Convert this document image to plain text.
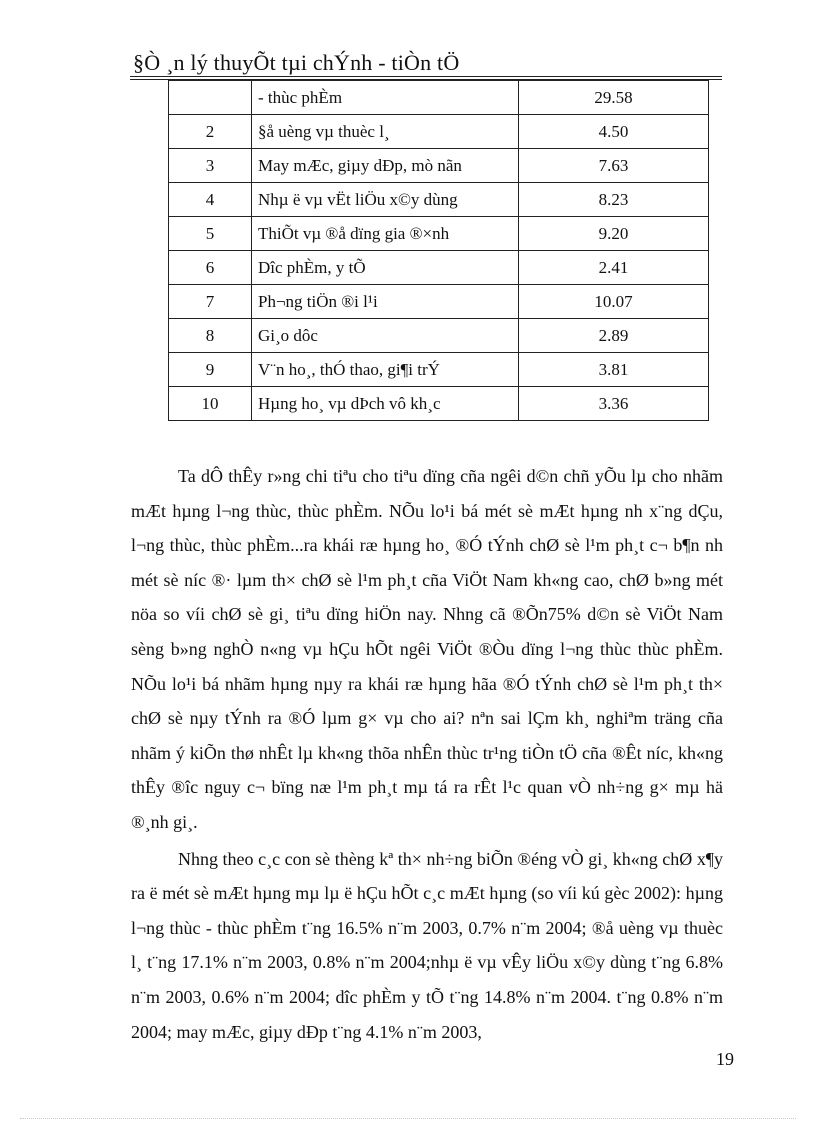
§Ò ¸n lý thuyÕt tµi chÝnh - tiÒn tÖ
	- thùc phÈm	29.58
2	§å uèng vµ thuèc l¸	4.50
3	May mÆc, giµy dÐp, mò nãn	7.63
4	Nhµ ë vµ vËt liÖu x©y dùng	8.23
5	ThiÕt vµ ®å dïng gia ®×nh	9.20
6	Dîc phÈm, y tÕ	2.41
7	Ph¬ng tiÖn ®i l¹i	10.07
8	Gi¸o dôc	2.89
9	V¨n ho¸, thÓ thao, gi¶i trÝ	3.81
10	Hµng ho¸ vµ dÞch vô kh¸c	3.36

Ta dÔ thÊy r»ng chi tiªu cho tiªu dïng cña ngêi d©n chñ yÕu lµ cho nhãm mÆt hµng l¬ng thùc, thùc phÈm. NÕu lo¹i bá mét sè mÆt hµng nh x¨ng dÇu, l¬ng thùc, thùc phÈm...ra khái ræ hµng ho¸ ®Ó tÝnh chØ sè l¹m ph¸t c¬ b¶n nh mét sè níc ®· lµm th× chØ sè l¹m ph¸t cña ViÖt Nam kh«ng cao, chØ b»ng mét nöa so víi chØ sè gi¸ tiªu dïng hiÖn nay. Nhng cã ®Õn75% d©n sè ViÖt Nam sèng b»ng nghÒ n«ng vµ hÇu hÕt ngêi ViÖt ®Òu dïng l¬ng thùc thùc phÈm. NÕu lo¹i bá nhãm hµng nµy ra khái ræ hµng hãa ®Ó tÝnh chØ sè l¹m ph¸t th× chØ sè nµy tÝnh ra ®Ó lµm g× vµ cho ai? nªn sai lÇm kh¸ nghiªm träng cña nhãm ý kiÕn thø nhÊt lµ kh«ng thõa nhÊn thùc tr¹ng tiÒn tÖ cña ®Êt níc, kh«ng thÊy ®îc nguy c¬ bïng næ l¹m ph¸t mµ tá ra rÊt l¹c quan vÒ nh÷ng g× mµ hä ®¸nh gi¸.

Nhng theo c¸c con sè thèng kª th× nh÷ng biÕn ®éng vÒ gi¸ kh«ng chØ x¶y ra ë mét sè mÆt hµng mµ lµ ë hÇu hÕt c¸c mÆt hµng (so víi kú gèc 2002): hµng l¬ng thùc - thùc phÈm t¨ng 16.5% n¨m 2003, 0.7% n¨m 2004; ®å uèng vµ thuèc l¸ t¨ng 17.1% n¨m 2003, 0.8% n¨m 2004;nhµ ë vµ vÊy liÖu x©y dùng t¨ng 6.8% n¨m 2003, 0.6% n¨m 2004; dîc phÈm y tÕ t¨ng 14.8% n¨m 2004. t¨ng 0.8% n¨m 2004; may mÆc, giµy dÐp t¨ng 4.1% n¨m 2003,

19
